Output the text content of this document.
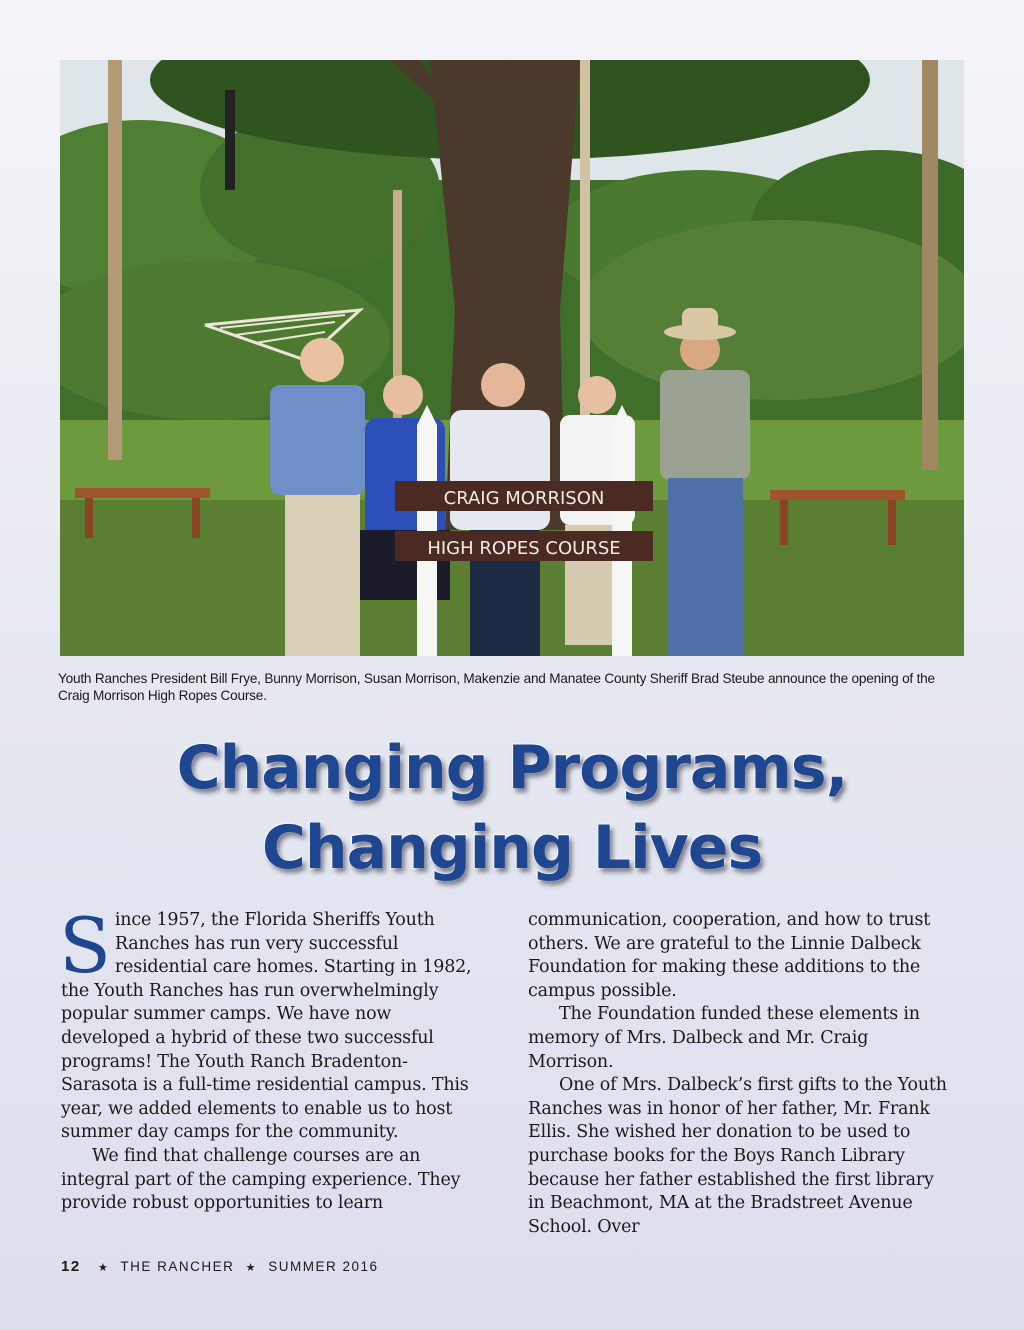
CRAIG MORRISON
HIGH ROPES COURSE
Youth Ranches President Bill Frye, Bunny Morrison, Susan Morrison, Makenzie and Manatee County Sheriff Brad Steube announce the opening of the Craig Morrison High Ropes Course.
Changing Programs,
Changing Lives

Since 1957, the Florida Sheriffs Youth Ranches has run very successful residential care homes. Starting in 1982, the Youth Ranches has run overwhelmingly popular summer camps. We have now developed a hybrid of these two successful programs! The Youth Ranch Bradenton-Sarasota is a full-time residential campus. This year, we added elements to enable us to host summer day camps for the community.

We find that challenge courses are an integral part of the camping experience. They provide robust opportunities to learn

communication, cooperation, and how to trust others. We are grateful to the Linnie Dalbeck Foundation for making these additions to the campus possible.

The Foundation funded these elements in memory of Mrs. Dalbeck and Mr. Craig Morrison.

One of Mrs. Dalbeck’s first gifts to the Youth Ranches was in honor of her father, Mr. Frank Ellis. She wished her donation to be used to purchase books for the Boys Ranch Library because her father established the first library in Beachmont, MA at the Bradstreet Avenue School. Over

12 ★ THE RANCHER ★ SUMMER 2016
